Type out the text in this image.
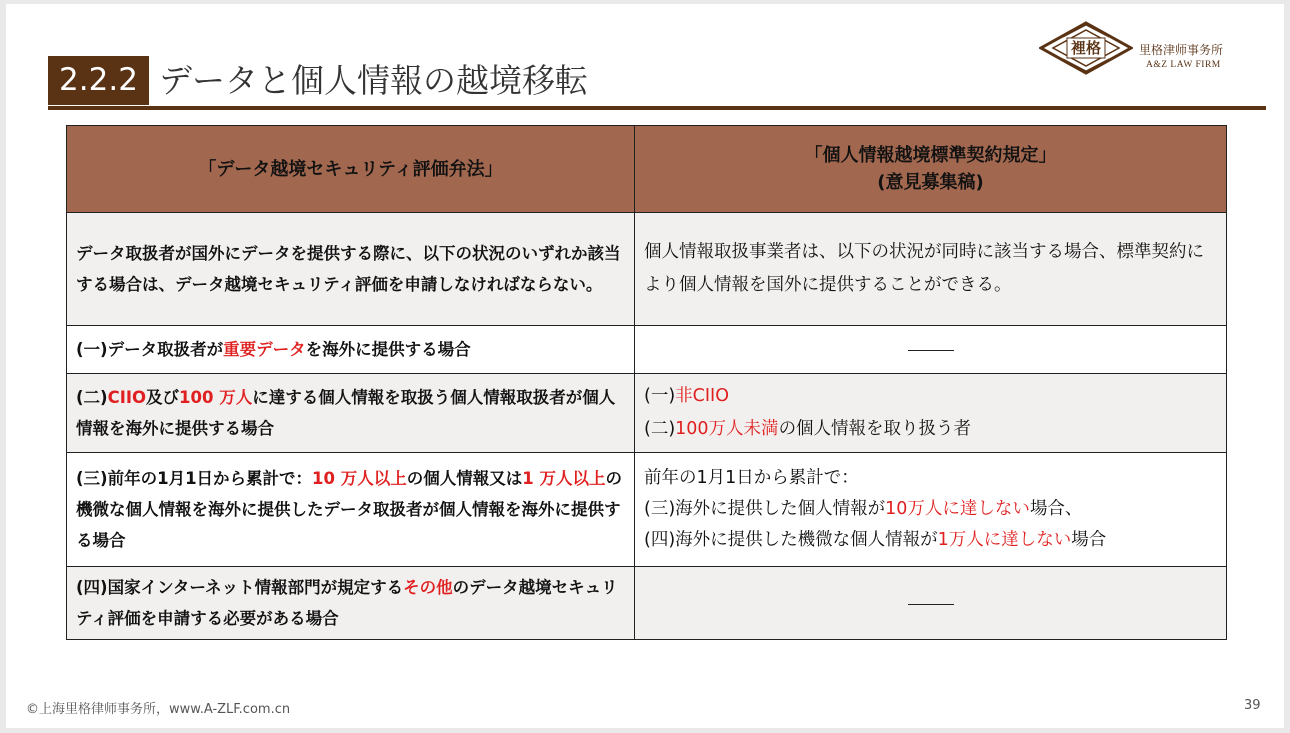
2.2.2 データと個人情報の越境移転
裡格	里格津师事务所
A&Z LAW FIRM
「データ越境セキュリティ評価弁法」	「個人情報越境標準契約規定」
(意見募集稿)

データ取扱者が国外にデータを提供する際に、以下の状況のいずれか該当する場合は、データ越境セキュリティ評価を申請しなければならない。	個人情報取扱事業者は、以下の状況が同時に該当する場合、標準契約により個人情報を国外に提供することができる。
(一)データ取扱者が重要データを海外に提供する場合	
(二)CIIO及び100 万人に達する個人情報を取扱う個人情報取扱者が個人情報を海外に提供する場合	(一)非CIIO
(二)100万人未満の個人情報を取り扱う者

(三)前年の1月1日から累計で：10 万人以上の個人情報又は1 万人以上の機微な個人情報を海外に提供したデータ取扱者が個人情報を海外に提供する場合	前年の1月1日から累計で：
(三)海外に提供した個人情報が10万人に達しない場合、
(四)海外に提供した機微な個人情報が1万人に達しない場合

(四)国家インターネット情報部門が規定するその他のデータ越境セキュリティ評価を申請する必要がある場合	
©上海里格律师事务所，www.A-ZLF.com.cn	39
